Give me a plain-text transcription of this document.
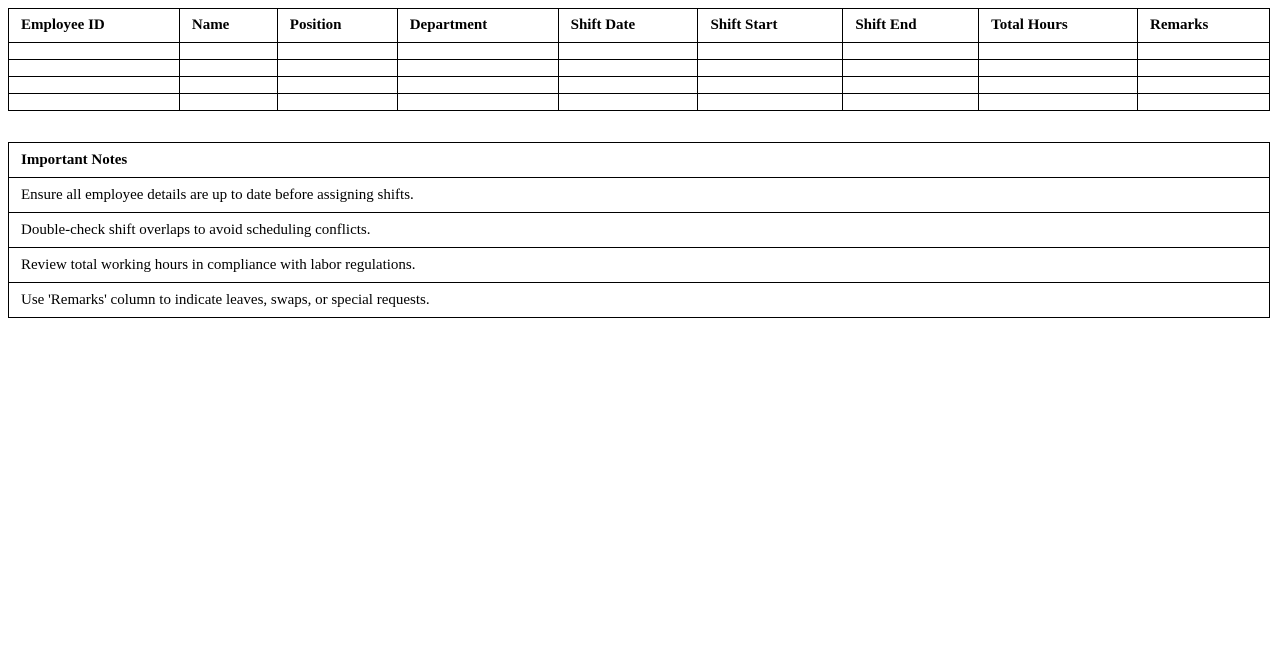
Employee ID	Name	Position	Department	Shift Date	Shift Start	Shift End	Total Hours	Remarks

Important Notes
Ensure all employee details are up to date before assigning shifts.
Double-check shift overlaps to avoid scheduling conflicts.
Review total working hours in compliance with labor regulations.
Use 'Remarks' column to indicate leaves, swaps, or special requests.
